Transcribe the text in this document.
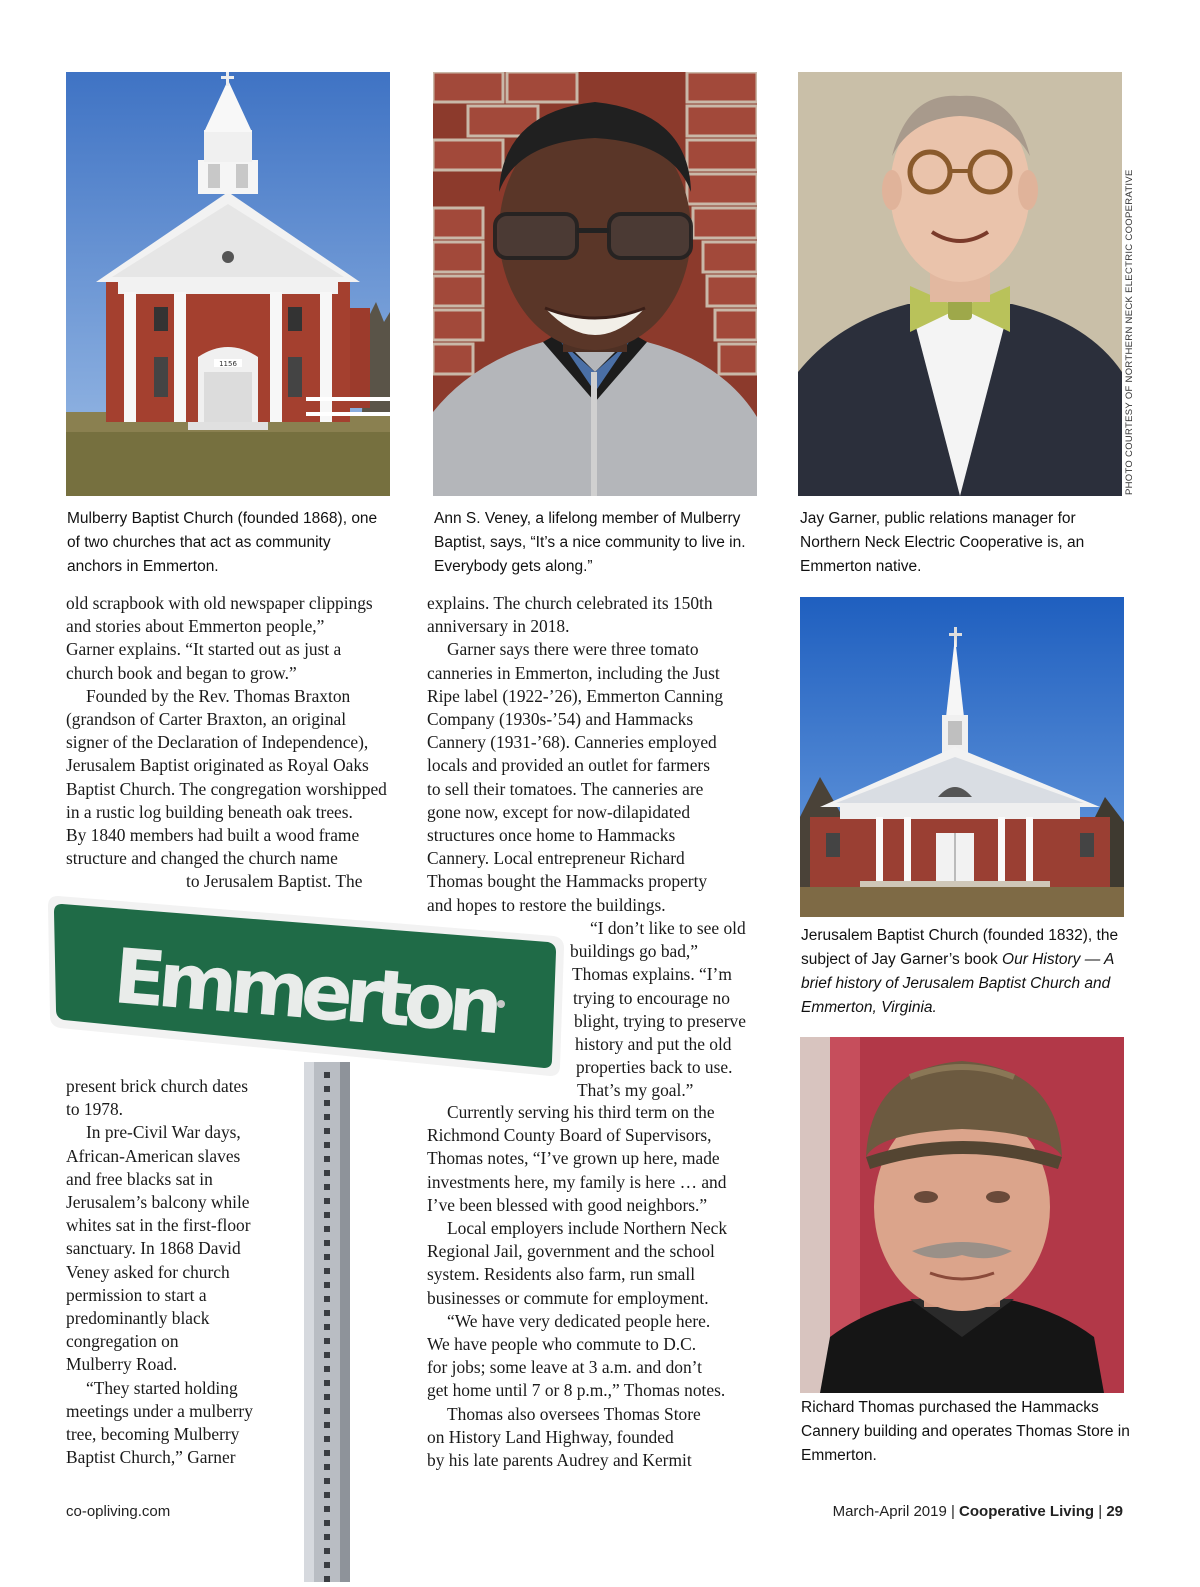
1156	PHOTO COURTESY OF NORTHERN NECK ELECTRIC COOPERATIVE
Mulberry Baptist Church (founded 1868), one of two churches that act as community anchors in Emmerton.
Ann S. Veney, a lifelong member of Mulberry Baptist, says, “It’s a nice community to live in. Everybody gets along.”
Jay Garner, public relations manager for Northern Neck Electric Cooperative is, an Emmerton native.
Jerusalem Baptist Church (founded 1832), the subject of Jay Garner’s book Our History — A brief history of Jerusalem Baptist Church and Emmerton, Virginia.
Richard Thomas purchased the Hammacks Cannery building and operates Thomas Store in Emmerton.
Emmerton

old scrapbook with old newspaper clippings

and stories about Emmerton people,”

Garner explains. “It started out as just a

church book and began to grow.”

Founded by the Rev. Thomas Braxton

(grandson of Carter Braxton, an original

signer of the Declaration of Independence),

Jerusalem Baptist originated as Royal Oaks

Baptist Church. The congregation worshipped

in a rustic log building beneath oak trees.

By 1840 members had built a wood frame

structure and changed the church name

to Jerusalem Baptist. The

present brick church dates

to 1978.

In pre-Civil War days,

African-American slaves

and free blacks sat in

Jerusalem’s balcony while

whites sat in the first-floor

sanctuary. In 1868 David

Veney asked for church

permission to start a

predominantly black

congregation on

Mulberry Road.

“They started holding

meetings under a mulberry

tree, becoming Mulberry

Baptist Church,” Garner

explains. The church celebrated its 150th

anniversary in 2018.

Garner says there were three tomato

canneries in Emmerton, including the Just

Ripe label (1922-’26), Emmerton Canning

Company (1930s-’54) and Hammacks

Cannery (1931-’68). Canneries employed

locals and provided an outlet for farmers

to sell their tomatoes. The canneries are

gone now, except for now-dilapidated

structures once home to Hammacks

Cannery. Local entrepreneur Richard

Thomas bought the Hammacks property

and hopes to restore the buildings.

“I don’t like to see old

buildings go bad,”

Thomas explains. “I’m

trying to encourage no

blight, trying to preserve

history and put the old

properties back to use.

That’s my goal.”

Currently serving his third term on the

Richmond County Board of Supervisors,

Thomas notes, “I’ve grown up here, made

investments here, my family is here … and

I’ve been blessed with good neighbors.”

Local employers include Northern Neck

Regional Jail, government and the school

system. Residents also farm, run small

businesses or commute for employment.

“We have very dedicated people here.

We have people who commute to D.C.

for jobs; some leave at 3 a.m. and don’t

get home until 7 or 8 p.m.,” Thomas notes.

Thomas also oversees Thomas Store

on History Land Highway, founded

by his late parents Audrey and Kermit

co-opliving.com	March-April 2019 | Cooperative Living | 29
